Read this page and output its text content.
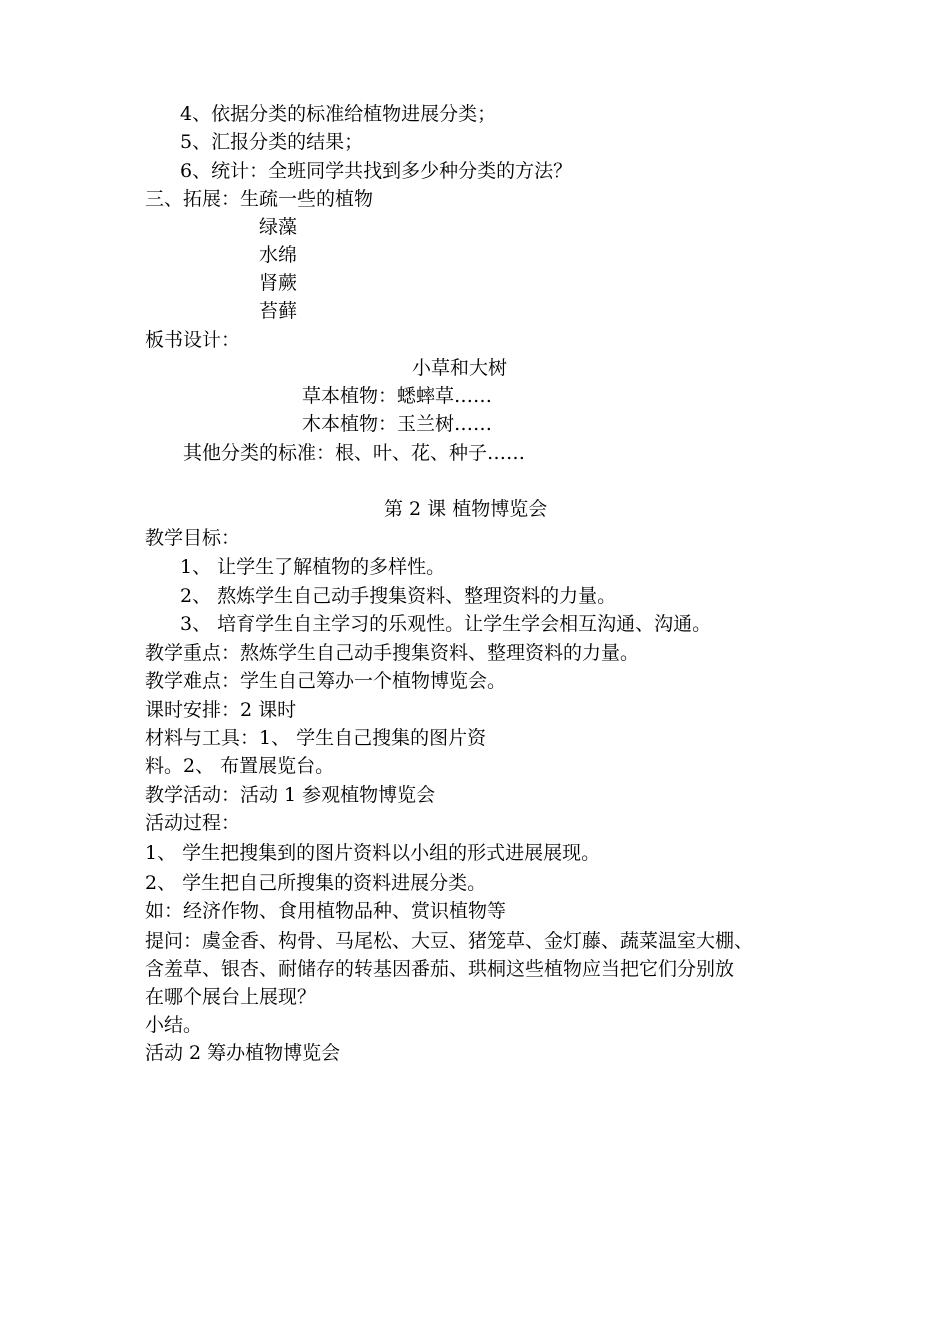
4、依据分类的标准给植物进展分类；
5、汇报分类的结果；
6、统计：全班同学共找到多少种分类的方法？
三、拓展：生疏一些的植物
绿藻
水绵
肾蕨
苔藓
板书设计：
小草和大树
草本植物：蟋蟀草……
木本植物：玉兰树……
其他分类的标准：根、叶、花、种子……
第 2 课 植物博览会
教学目标：
1、 让学生了解植物的多样性。
2、 熬炼学生自己动手搜集资料、整理资料的力量。
3、 培育学生自主学习的乐观性。让学生学会相互沟通、沟通。
教学重点：熬炼学生自己动手搜集资料、整理资料的力量。
教学难点：学生自己筹办一个植物博览会。
课时安排：2 课时
材料与工具：1、 学生自己搜集的图片资
料。2、 布置展览台。
教学活动：活动 1 参观植物博览会
活动过程：
1、 学生把搜集到的图片资料以小组的形式进展展现。
2、 学生把自己所搜集的资料进展分类。
如：经济作物、食用植物品种、赏识植物等
提问：虞金香、构骨、马尾松、大豆、猪笼草、金灯藤、蔬菜温室大棚、
含羞草、银杏、耐储存的转基因番茄、珙桐这些植物应当把它们分别放
在哪个展台上展现？
小结。
活动 2 筹办植物博览会
